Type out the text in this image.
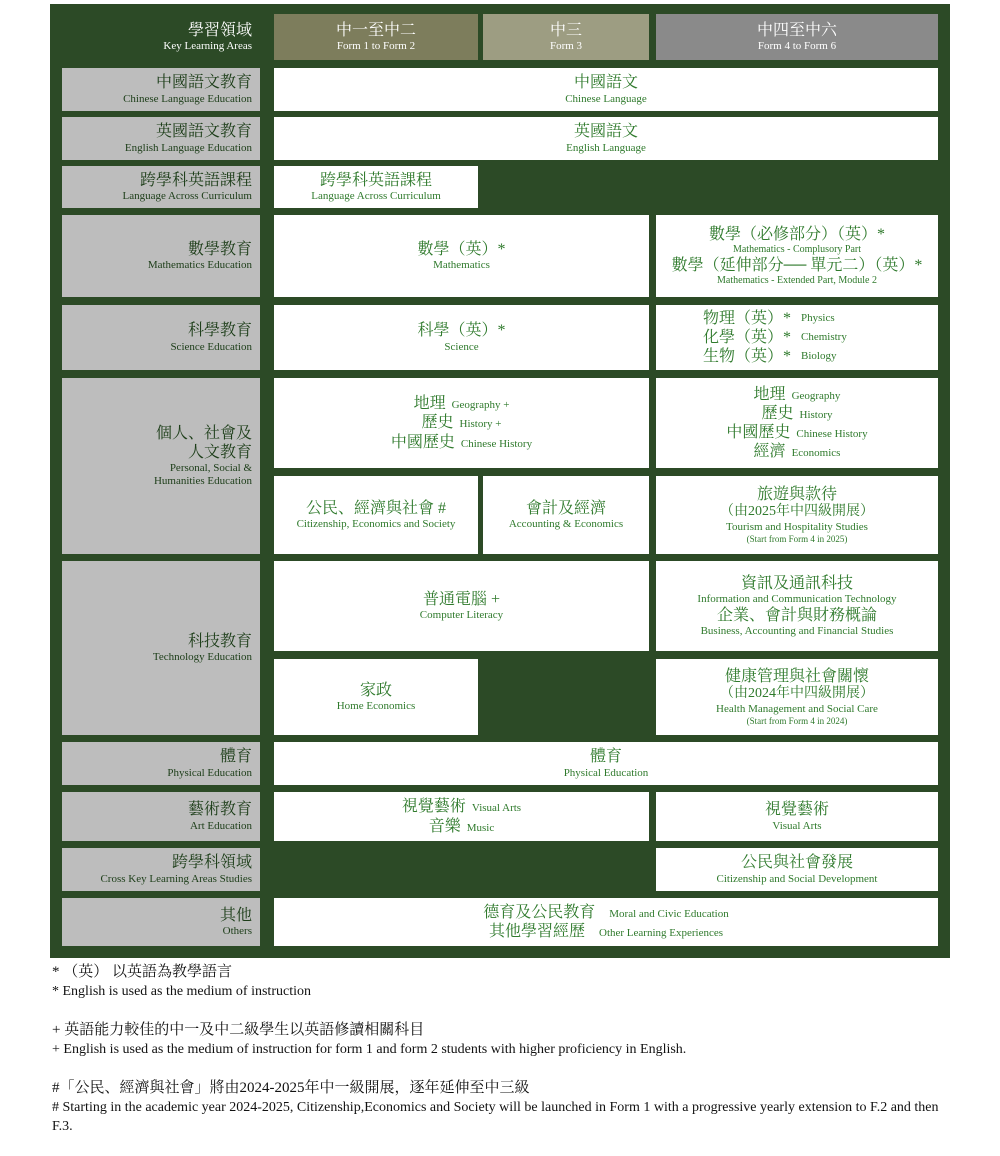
學習領域
Key Learning Areas
中一至中二
Form 1 to Form 2
中三
Form 3
中四至中六
Form 4 to Form 6
中國語文教育
Chinese Language Education
中國語文
Chinese Language
英國語文教育
English Language Education
英國語文
English Language
跨學科英語課程
Language Across Curriculum
跨學科英語課程
Language Across Curriculum
數學教育
Mathematics Education
數學（英）*
Mathematics
數學（必修部分）（英）*
Mathematics - Complusory Part
數學（延伸部分── 單元二）（英）*
Mathematics - Extended Part, Module 2
科學教育
Science Education
科學（英）*
Science
物理（英）* Physics
化學（英）* Chemistry
生物（英）* Biology
個人、社會及
人文教育
Personal, Social &
Humanities Education
地理 Geography +
歷史 History +
中國歷史 Chinese History
地理 Geography
歷史 History
中國歷史 Chinese History
經濟 Economics
公民、經濟與社會 #
Citizenship, Economics and Society
會計及經濟
Accounting & Economics
旅遊與款待
（由2025年中四級開展）
Tourism and Hospitality Studies
(Start from Form 4 in 2025)
科技教育
Technology Education
普通電腦 +
Computer Literacy
資訊及通訊科技
Information and Communication Technology
企業、會計與財務概論
Business, Accounting and Financial Studies
家政
Home Economics
健康管理與社會關懷
（由2024年中四級開展）
Health Management and Social Care
(Start from Form 4 in 2024)
體育
Physical Education
體育
Physical Education
藝術教育
Art Education
視覺藝術 Visual Arts
音樂 Music
視覺藝術
Visual Arts
跨學科領域
Cross Key Learning Areas Studies
公民與社會發展
Citizenship and Social Development
其他
Others
德育及公民教育 Moral and Civic Education
其他學習經歷 Other Learning Experiences

* （英） 以英語為教學語言

* English is used as the medium of instruction

+ 英語能力較佳的中一及中二級學生以英語修讀相關科目

+ English is used as the medium of instruction for form 1 and form 2 students with higher proficiency in English.

#「公民、經濟與社會」將由2024-2025年中一級開展，逐年延伸至中三級

# Starting in the academic year 2024-2025, Citizenship,Economics and Society will be launched in Form 1 with a progressive yearly extension to F.2 and then F.3.
